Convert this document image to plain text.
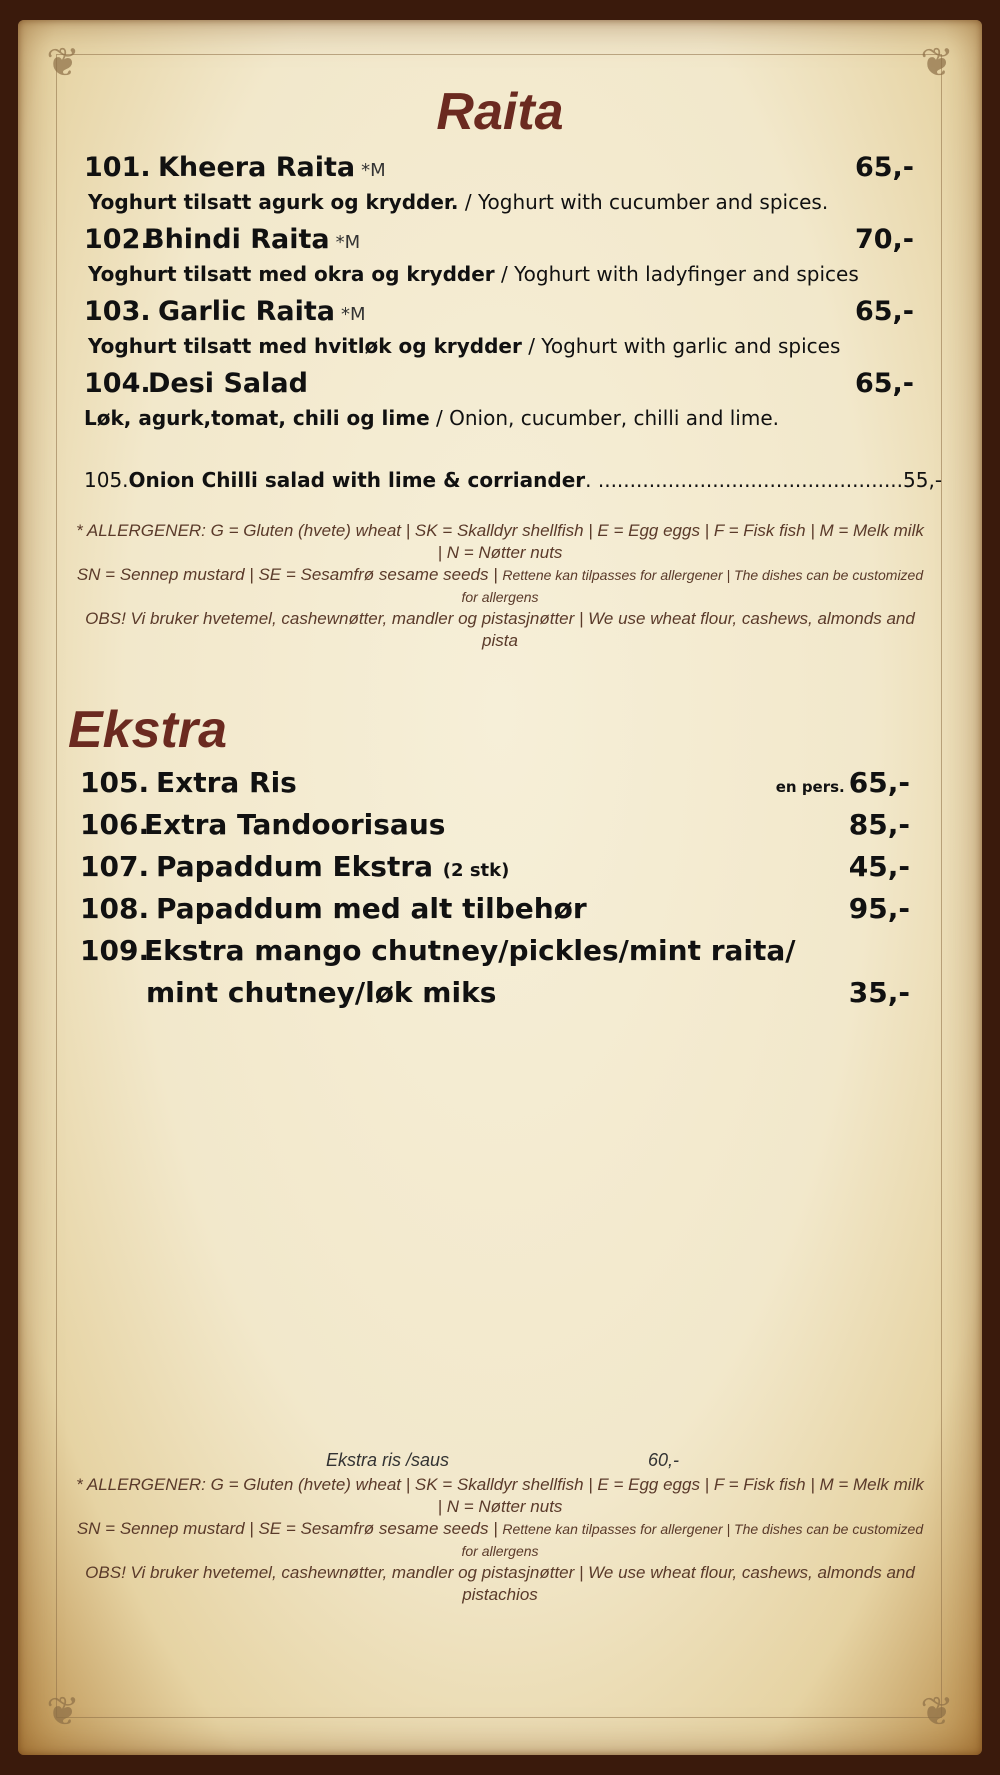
❦	❦
❦	❦
Raita
101. Kheera Raita *M	65,-
Yoghurt tilsatt agurk og krydder. / Yoghurt with cucumber and spices.
102.
Bhindi Raita *M	70,-
Yoghurt tilsatt med okra og krydder / Yoghurt with ladyfinger and spices
103. Garlic Raita *M	65,-
Yoghurt tilsatt med hvitløk og krydder / Yoghurt with garlic and spices
104.
Desi Salad	65,-
Løk, agurk,tomat, chili og lime / Onion, cucumber, chilli and lime.
105.Onion Chilli salad with lime & corriander. ................................................55,-
* ALLERGENER: G = Gluten (hvete) wheat | SK = Skalldyr shellfish | E = Egg eggs | F = Fisk fish | M = Melk milk | N = Nøtter nuts
SN = Sennep mustard | SE = Sesamfrø sesame seeds | Rettene kan tilpasses for allergener | The dishes can be customized for allergens
OBS! Vi bruker hvetemel, cashewnøtter, mandler og pistasjnøtter | We use wheat flour, cashews, almonds and pista
Ekstra
105. Extra Ris	en pers. 65,-
106.
Extra Tandoorisaus	85,-
107. Papaddum Ekstra (2 stk)	45,-
108. Papaddum med alt tilbehør	95,-
109.
Ekstra mango chutney/pickles/mint raita/
mint chutney/løk miks	35,-
Ekstra ris /saus	60,-
* ALLERGENER: G = Gluten (hvete) wheat | SK = Skalldyr shellfish | E = Egg eggs | F = Fisk fish | M = Melk milk | N = Nøtter nuts
SN = Sennep mustard | SE = Sesamfrø sesame seeds | Rettene kan tilpasses for allergener | The dishes can be customized for allergens
OBS! Vi bruker hvetemel, cashewnøtter, mandler og pistasjnøtter | We use wheat flour, cashews, almonds and pistachios
